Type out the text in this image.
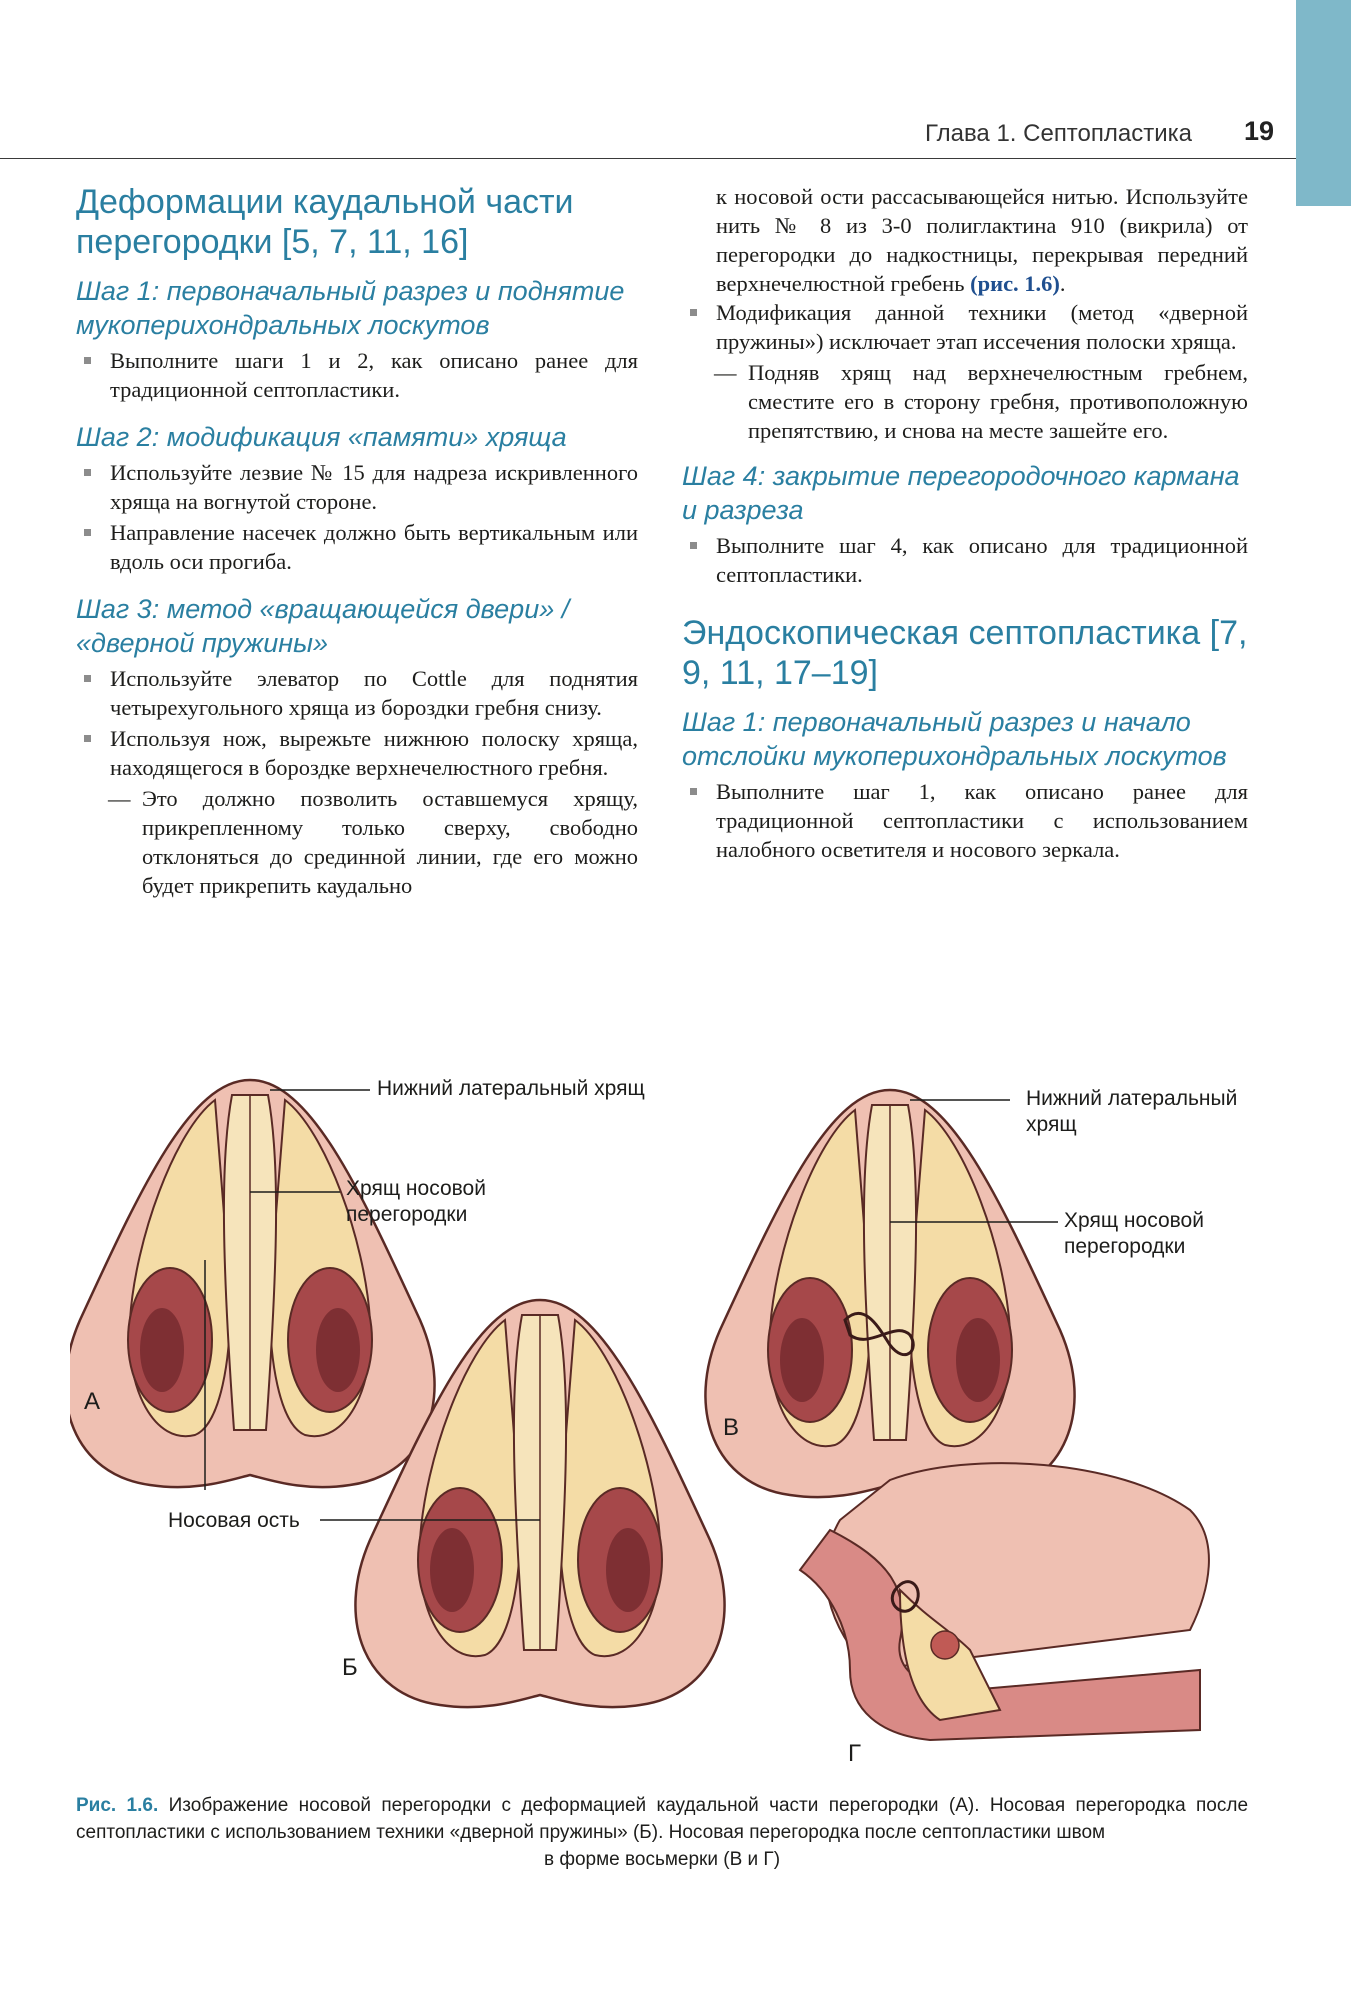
Глава 1. Септопластика 19
Деформации каудальной части перегородки [5, 7, 11, 16]
Шаг 1: первоначальный разрез и поднятие мукоперихондральных лоскутов

Выполните шаги 1 и 2, как описано ранее для традиционной септопластики.

Шаг 2: модификация «памяти» хряща

Используйте лезвие № 15 для надреза искривленного хряща на вогнутой стороне.

Направление насечек должно быть вертикальным или вдоль оси прогиба.

Шаг 3: метод «вращающейся двери» / «дверной пружины»

Используйте элеватор по Cottle для поднятия четырехугольного хряща из бороздки гребня снизу.

Используя нож, вырежьте нижнюю полоску хряща, находящегося в бороздке верхнечелюстного гребня.

— Это должно позволить оставшемуся хрящу, прикрепленному только сверху, свободно отклоняться до срединной линии, где его можно будет прикрепить каудально

к носовой ости рассасывающейся нитью. Используйте нить № 8 из 3-0 полиглактина 910 (викрила) от перегородки до надкостницы, перекрывая передний верхнечелюстной гребень (рис. 1.6).

Модификация данной техники (метод «дверной пружины») исключает этап иссечения полоски хряща.

— Подняв хрящ над верхнечелюстным гребнем, сместите его в сторону гребня, противоположную препятствию, и снова на месте зашейте его.

Шаг 4: закрытие перегородочного кармана и разреза

Выполните шаг 4, как описано для традиционной септопластики.

Эндоскопическая септопластика [7, 9, 11, 17–19]
Шаг 1: первоначальный разрез и начало отслойки мукоперихондральных лоскутов

Выполните шаг 1, как описано ранее для традиционной септопластики с использованием налобного осветителя и носового зеркала.

Нижний латеральный хрящ
Хрящ носовой перегородки
Носовая ость
Нижний латеральный хрящ
Хрящ носовой перегородки
А
Б
В
Г
Рис. 1.6. Изображение носовой перегородки с деформацией каудальной части перегородки (А). Носовая перегородка после септопластики с использованием техники «дверной пружины» (Б). Носовая перегородка после септопластики швом
в форме восьмерки (В и Г)
